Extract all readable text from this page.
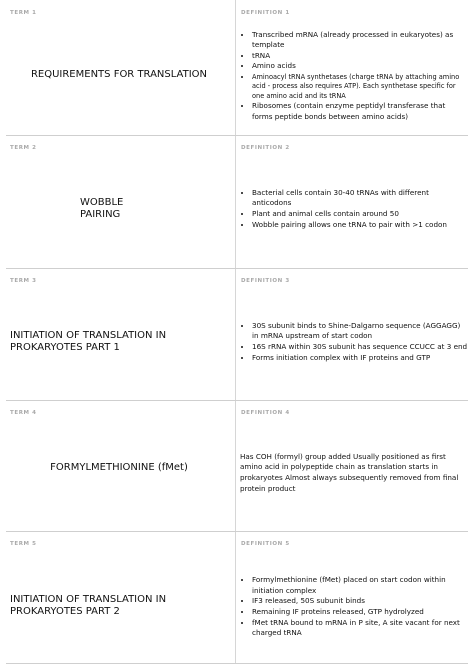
TERM 1	DEFINITION 1
REQUIREMENTS FOR TRANSLATION
• Transcribed mRNA (already processed in eukaryotes) as template
• tRNA
• Amino acids
• Aminoacyl tRNA synthetases (charge tRNA by attaching amino acid - process also requires ATP). Each synthetase specific for one amino acid and its tRNA
• Ribosomes (contain enzyme peptidyl transferase that forms peptide bonds between amino acids)
TERM 2	DEFINITION 2
WOBBLE
PAIRING
• Bacterial cells contain 30-40 tRNAs with different anticodons
• Plant and animal cells contain around 50
• Wobble pairing allows one tRNA to pair with >1 codon
TERM 3	DEFINITION 3
INITIATION OF TRANSLATION IN PROKARYOTES PART 1
• 30S subunit binds to Shine-Dalgarno sequence (AGGAGG) in mRNA upstream of start codon
• 16S rRNA within 30S subunit has sequence CCUCC at 3 end
• Forms initiation complex with IF proteins and GTP
TERM 4	DEFINITION 4
FORMYLMETHIONINE (fMet)

Has COH (formyl) group added Usually positioned as first amino acid in polypeptide chain as translation starts in prokaryotes Almost always subsequently removed from final protein product

TERM 5	DEFINITION 5
INITIATION OF TRANSLATION IN PROKARYOTES PART 2
• Formylmethionine (fMet) placed on start codon within initiation complex
• IF3 released, 50S subunit binds
• Remaining IF proteins released, GTP hydrolyzed
• fMet tRNA bound to mRNA in P site, A site vacant for next charged tRNA
